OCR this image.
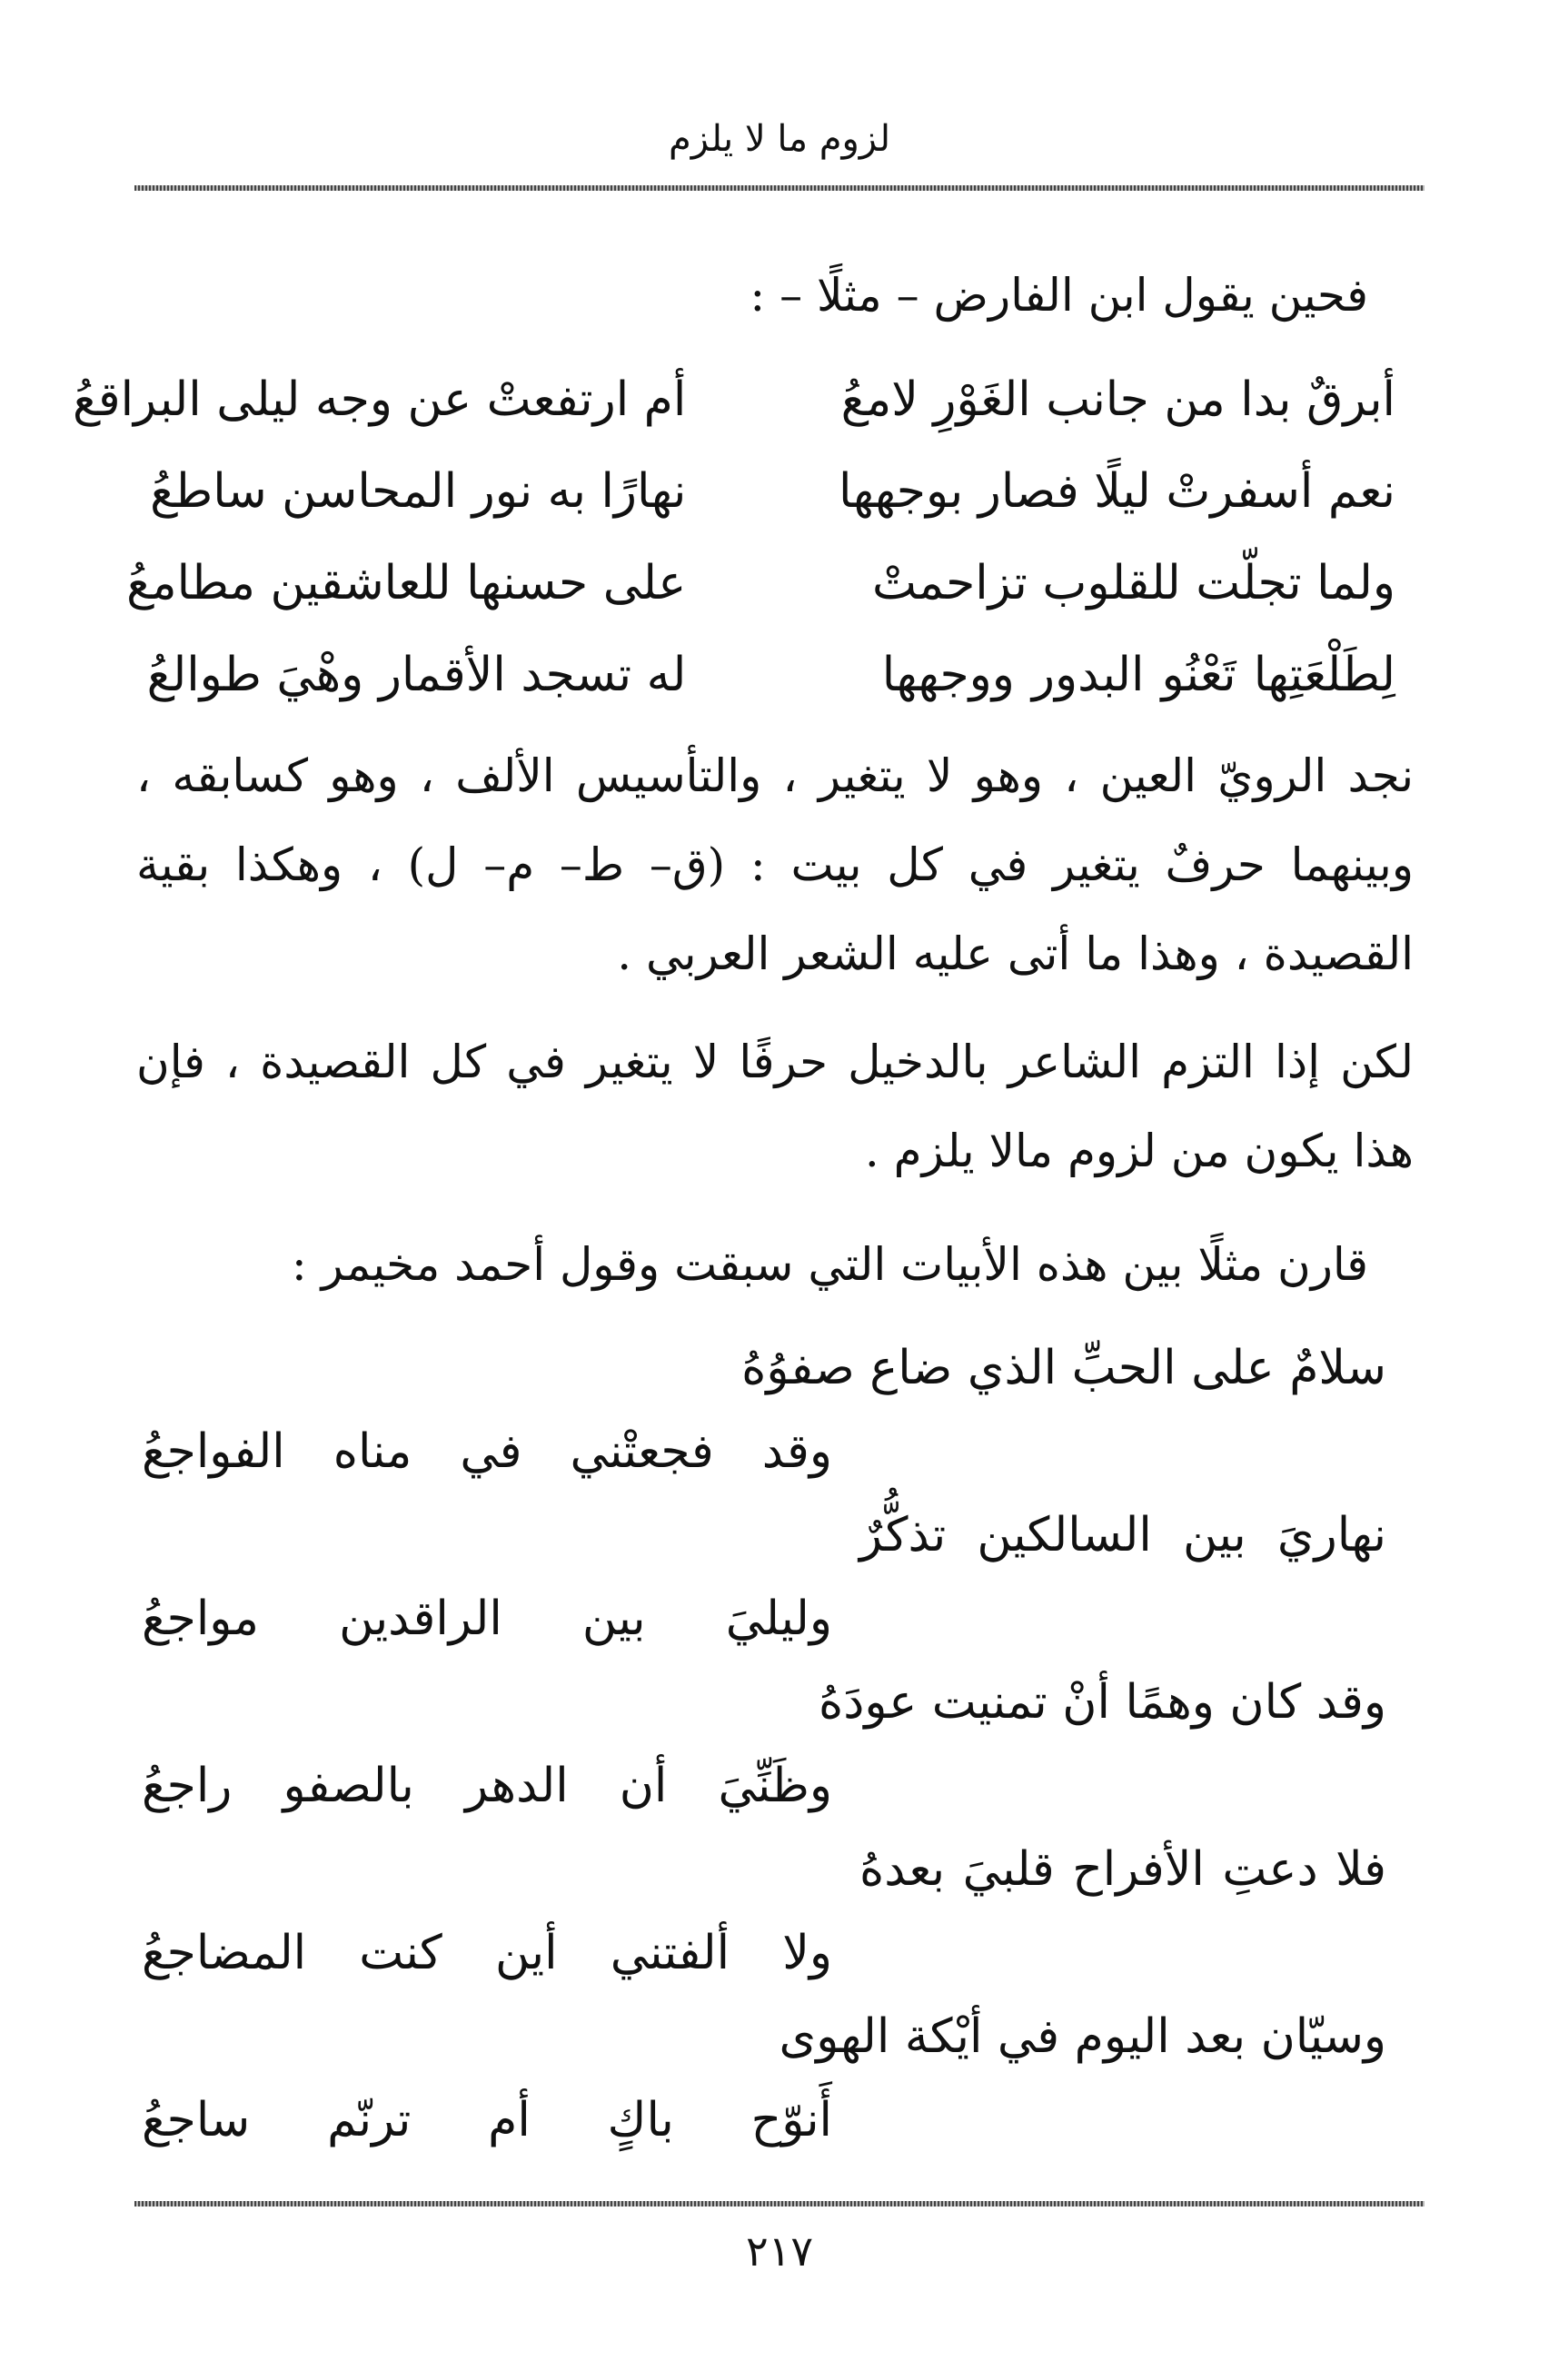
لزوم ما لا يلزم
فحين يقول ابن الفارض – مثلًا – :
أبرقٌ بدا من جانب الغَوْرِ لامعُ
أم ارتفعتْ عن وجه ليلى البراقعُ
نعم أسفرتْ ليلًا فصار بوجهها
نهارًا به نور المحاسن ساطعُ
ولما تجلّت للقلوب تزاحمتْ
على حسنها للعاشقين مطامعُ
لِطَلْعَتِها تَعْنُو البدور ووجهها
له تسجد الأقمار وهْيَ طوالعُ
نجد الرويّ العين ، وهو لا يتغير ، والتأسيس الألف ، وهو كسابقه ، وبينهما حرفٌ يتغير في كل بيت : (ق– ط– م– ل) ، وهكذا بقية القصيدة ، وهذا ما أتى عليه الشعر العربي .
لكن إذا التزم الشاعر بالدخيل حرفًا لا يتغير في كل القصيدة ، فإن هذا يكون من لزوم مالا يلزم .
قارن مثلًا بين هذه الأبيات التي سبقت وقول أحمد مخيمر :
سلامٌ على الحبِّ الذي ضاع صفوُهُ
وقد فجعتْني في مناه الفواجعُ
نهاريَ بين السالكين تذكُّرٌ
وليليَ بين الراقدين مواجعُ
وقد كان وهمًا أنْ تمنيت عودَهُ
وظَنِّيَ أن الدهر بالصفو راجعُ
فلا دعتِ الأفراح قلبيَ بعدهُ
ولا ألفتني أين كنت المضاجعُ
وسيّان بعد اليوم في أيْكة الهوى
أَنوّح باكٍ أم ترنّم ساجعُ
٢١٧
